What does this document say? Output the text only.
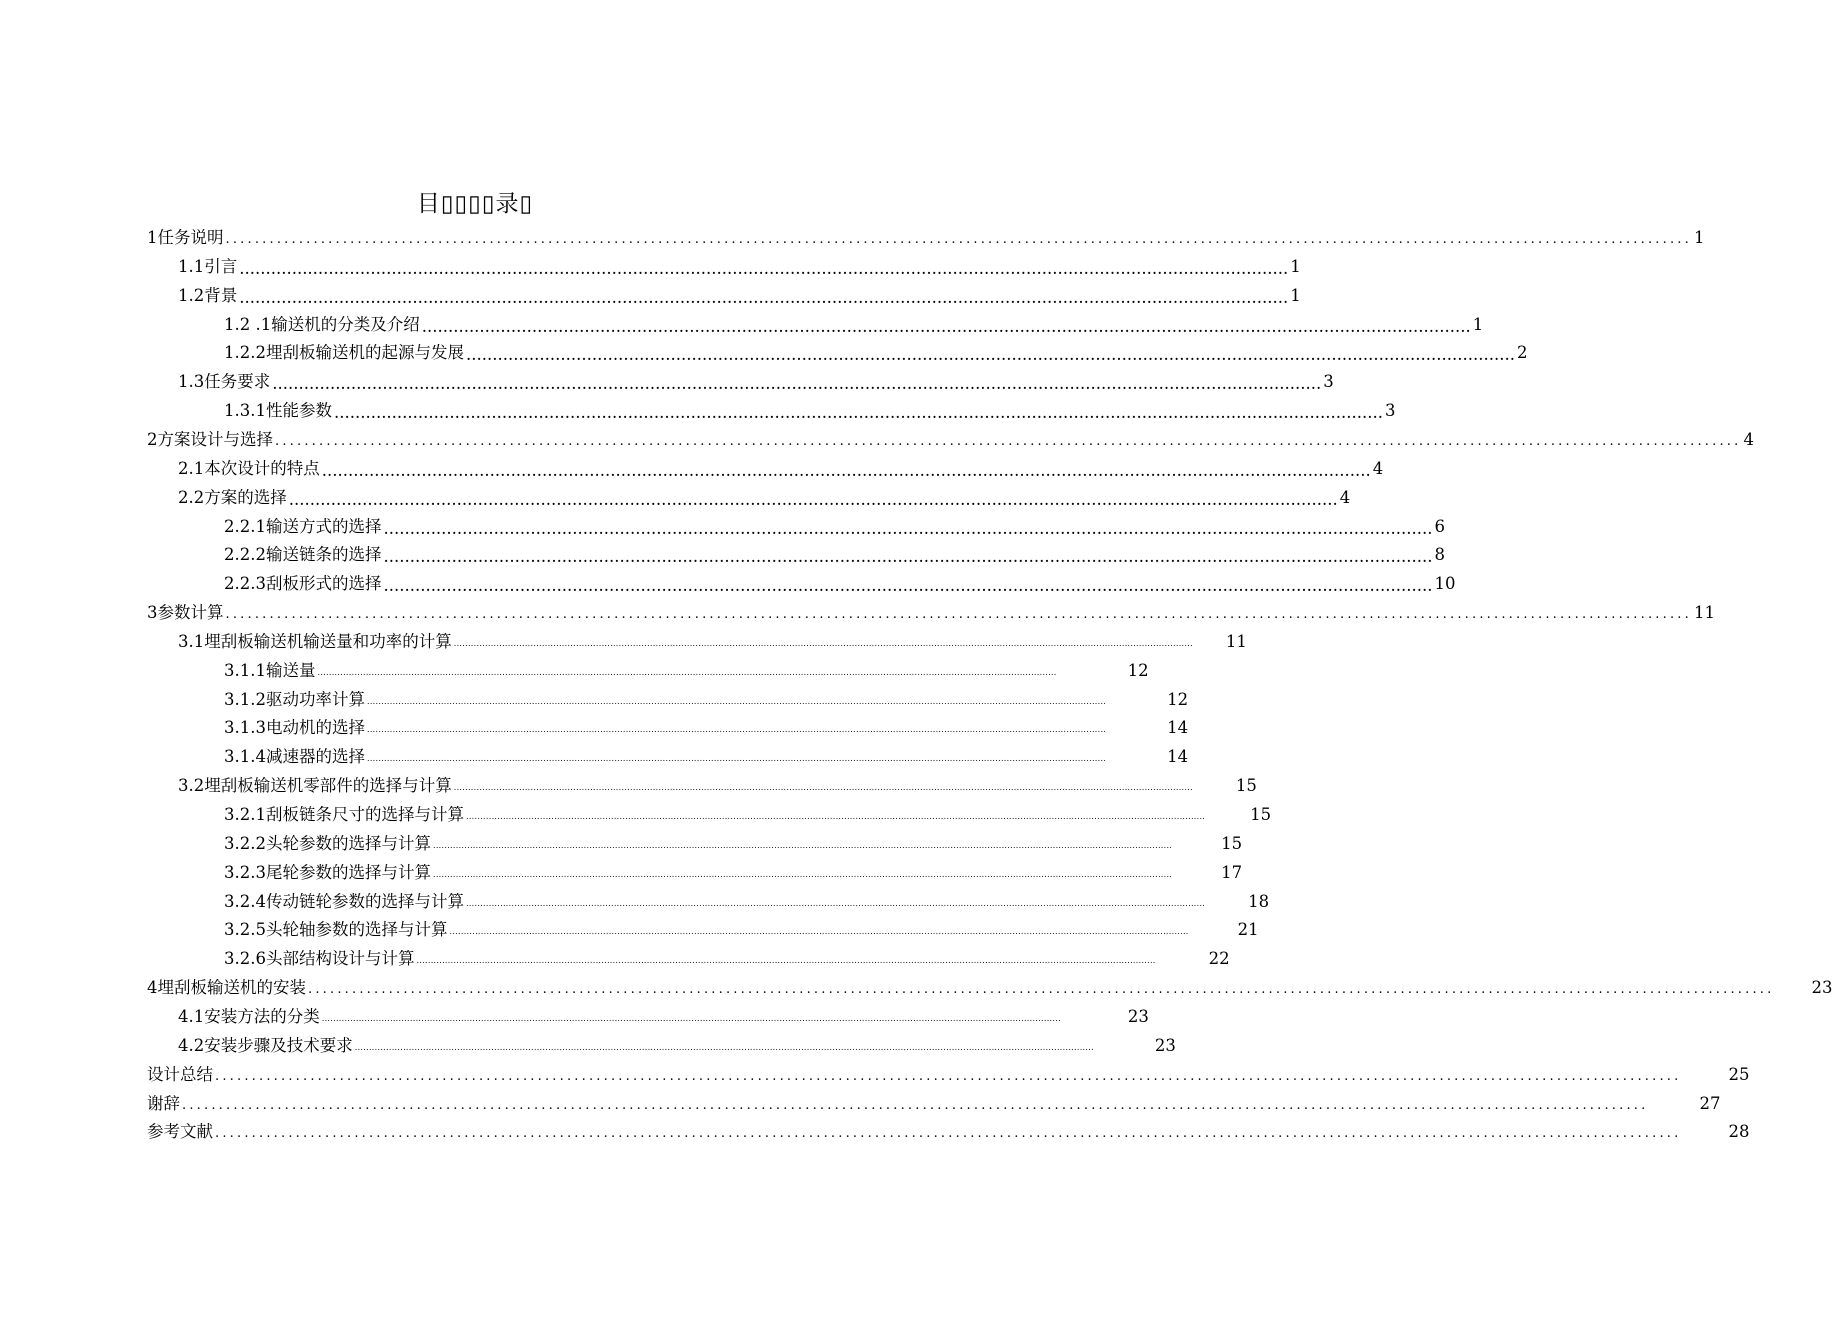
目▯▯▯▯录▯
1 任务说明 ........................................................................................................................................................................................................ 1
1.1 引言 ........................................................................................................................................................................................................ 1
1.2 背景 ........................................................................................................................................................................................................ 1
1.2 .1 输送机的分类及介绍 ........................................................................................................................................................................................................ 1
1.2.2 埋刮板输送机的起源与发展 ........................................................................................................................................................................................................ 2
1.3 任务要求 ........................................................................................................................................................................................................ 3
1.3.1 性能参数 ........................................................................................................................................................................................................ 3
2 方案设计与选择 ........................................................................................................................................................................................................ 4
2.1 本次设计的特点 ........................................................................................................................................................................................................ 4
2.2 方案的选择 ........................................................................................................................................................................................................ 4
2.2.1 输送方式的选择 ........................................................................................................................................................................................................ 6
2.2.2 输送链条的选择 ........................................................................................................................................................................................................ 8
2.2.3 刮板形式的选择 ........................................................................................................................................................................................................ 10
3 参数计算 ........................................................................................................................................................................................................ 11
3.1 埋刮板输送机输送量和功率的计算 .................................................................................................................................................................................................................................................................... 11
3.1.1 输送量 ....................................................................................................................................................................................................................................................................	12
3.1.2 驱动功率计算 ....................................................................................................................................................................................................................................................................	12
3.1.3 电动机的选择 ....................................................................................................................................................................................................................................................................	14
3.1.4 减速器的选择 ....................................................................................................................................................................................................................................................................	14
3.2 埋刮板输送机零部件的选择与计算 ....................................................................................................................................................................................................................................................................	15
3.2.1 刮板链条尺寸的选择与计算 ....................................................................................................................................................................................................................................................................	15
3.2.2 头轮参数的选择与计算 ....................................................................................................................................................................................................................................................................	15
3.2.3 尾轮参数的选择与计算 ....................................................................................................................................................................................................................................................................	17
3.2.4 传动链轮参数的选择与计算 ....................................................................................................................................................................................................................................................................	18
3.2.5 头轮轴参数的选择与计算 ....................................................................................................................................................................................................................................................................	21
3.2.6 头部结构设计与计算 ....................................................................................................................................................................................................................................................................	22
4 埋刮板输送机的安装 ........................................................................................................................................................................................................ 23
4.1 安装方法的分类 ....................................................................................................................................................................................................................................................................	23
4.2 安装步骤及技术要求 ....................................................................................................................................................................................................................................................................	23
设计总结 ........................................................................................................................................................................................................	25
谢辞 ........................................................................................................................................................................................................	27
参考文献 ........................................................................................................................................................................................................	28
